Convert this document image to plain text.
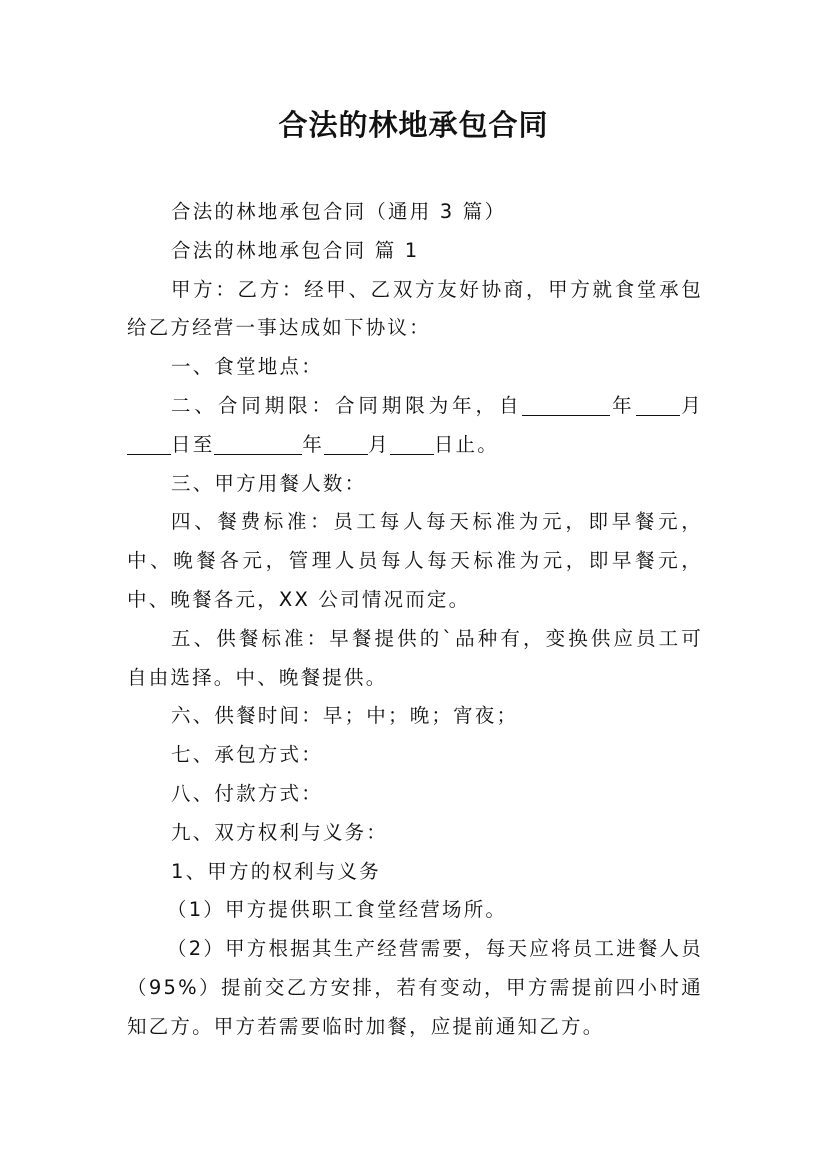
合法的林地承包合同

合法的林地承包合同（通用 3 篇）

合法的林地承包合同 篇 1

甲方：乙方：经甲、乙双方友好协商，甲方就食堂承包给乙方经营一事达成如下协议：

一、食堂地点：

二、合同期限：合同期限为年，自	年 月日至	年 月 日止。

三、甲方用餐人数：

四、餐费标准：员工每人每天标准为元，即早餐元，中、晚餐各元，管理人员每人每天标准为元，即早餐元，中、晚餐各元，XX 公司情况而定。

五、供餐标准：早餐提供的`品种有，变换供应员工可自由选择。中、晚餐提供。

六、供餐时间：早；中；晚；宵夜；

七、承包方式：

八、付款方式：

九、双方权利与义务：

1、甲方的权利与义务

（1）甲方提供职工食堂经营场所。

（2）甲方根据其生产经营需要，每天应将员工进餐人员（95%）提前交乙方安排，若有变动，甲方需提前四小时通知乙方。甲方若需要临时加餐，应提前通知乙方。
